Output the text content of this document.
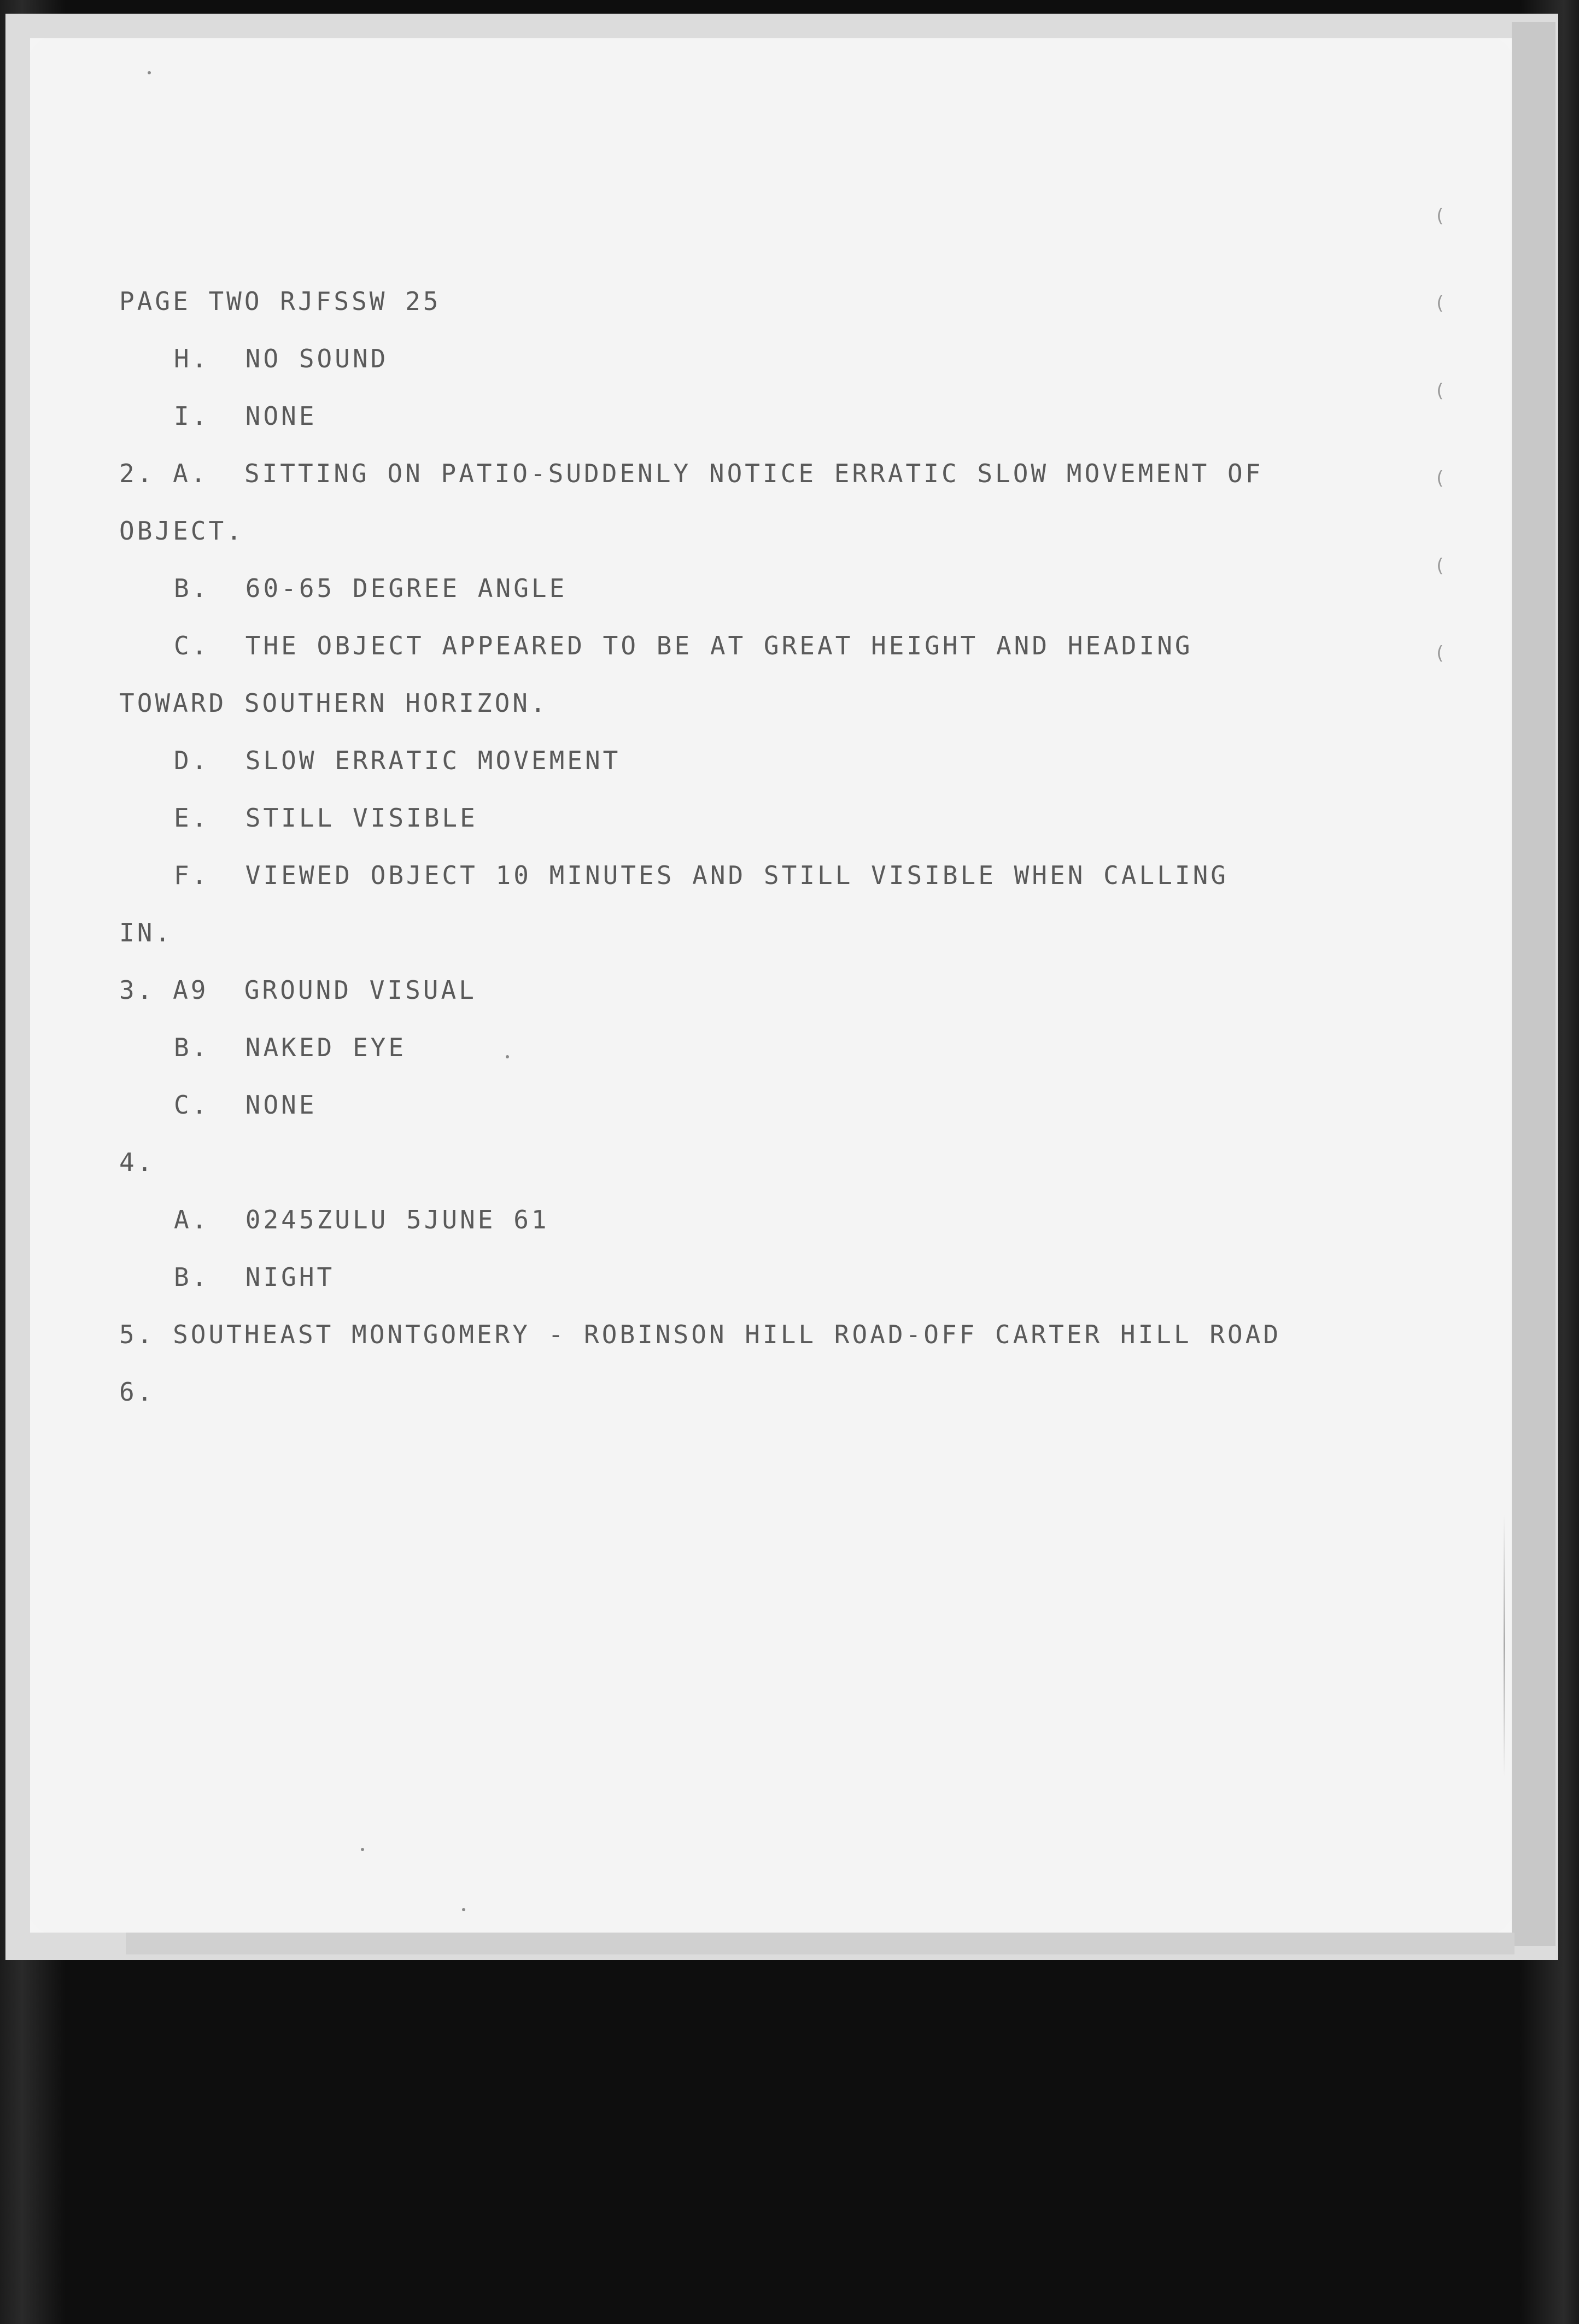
PAGE TWO RJFSSW 25
H.  NO SOUND
I.  NONE
2. A.  SITTING ON PATIO-SUDDENLY NOTICE ERRATIC SLOW MOVEMENT OF
OBJECT.
B.  60-65 DEGREE ANGLE
C.  THE OBJECT APPEARED TO BE AT GREAT HEIGHT AND HEADING
TOWARD SOUTHERN HORIZON.
D.  SLOW ERRATIC MOVEMENT
E.  STILL VISIBLE
F.  VIEWED OBJECT 10 MINUTES AND STILL VISIBLE WHEN CALLING
IN.
3. A9  GROUND VISUAL
B.  NAKED EYE
C.  NONE
4.
A.  0245ZULU 5JUNE 61
B.  NIGHT
5. SOUTHEAST MONTGOMERY - ROBINSON HILL ROAD-OFF CARTER HILL ROAD
6.
(
(
(
(
(
(
